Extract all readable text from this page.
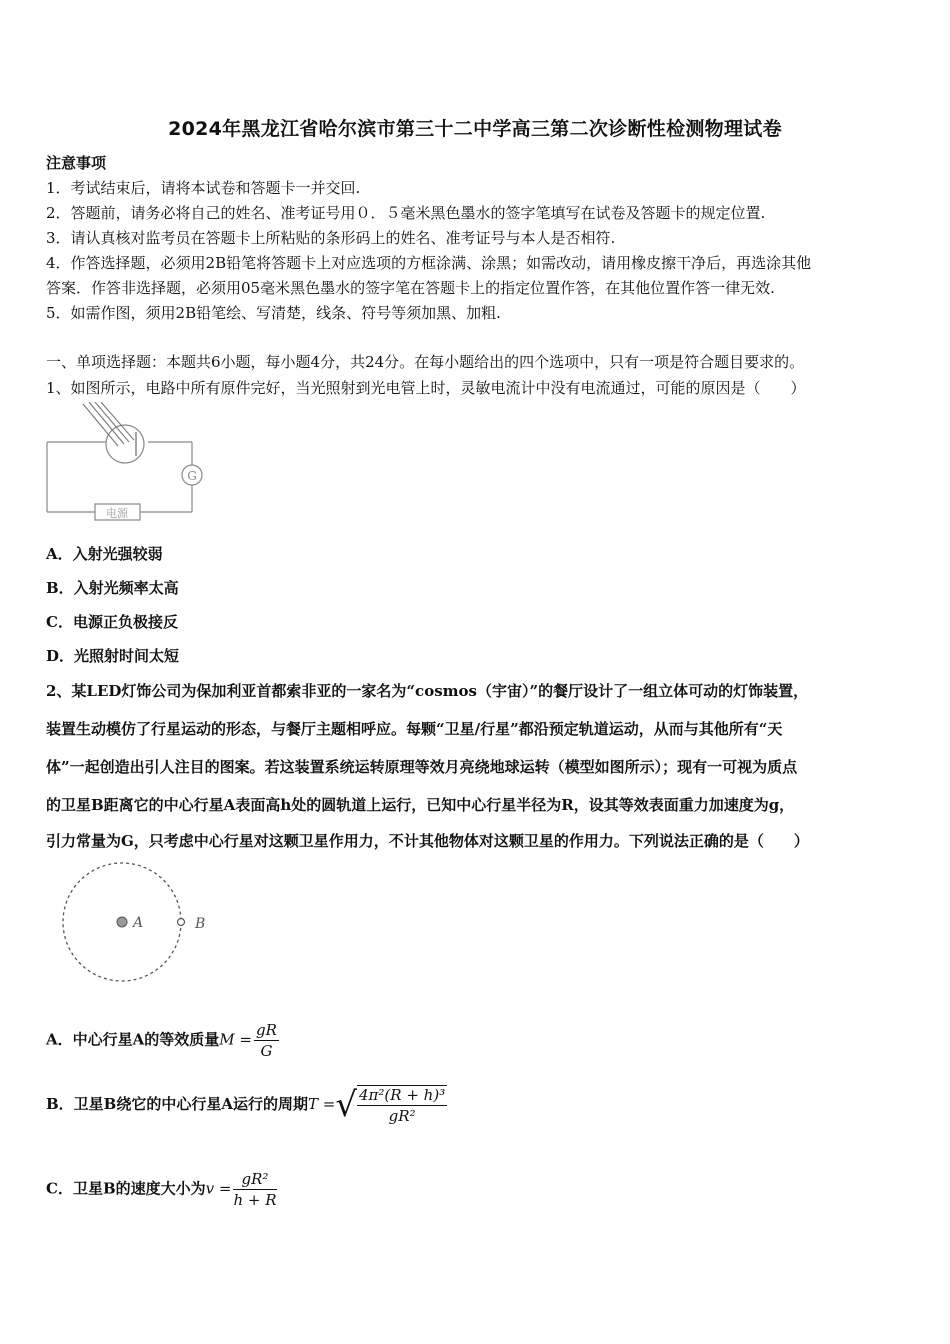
2024年黑龙江省哈尔滨市第三十二中学高三第二次诊断性检测物理试卷
注意事项
1．考试结束后，请将本试卷和答题卡一并交回.
2．答题前，请务必将自己的姓名、准考证号用０．５毫米黑色墨水的签字笔填写在试卷及答题卡的规定位置.
3．请认真核对监考员在答题卡上所粘贴的条形码上的姓名、准考证号与本人是否相符.
4．作答选择题，必须用2B铅笔将答题卡上对应选项的方框涂满、涂黑；如需改动，请用橡皮擦干净后，再选涂其他
答案．作答非选择题，必须用05毫米黑色墨水的签字笔在答题卡上的指定位置作答，在其他位置作答一律无效.
5．如需作图，须用2B铅笔绘、写清楚，线条、符号等须加黑、加粗.
一、单项选择题：本题共6小题，每小题4分，共24分。在每小题给出的四个选项中，只有一项是符合题目要求的。
1、如图所示，电路中所有原件完好，当光照射到光电管上时，灵敏电流计中没有电流通过，可能的原因是（　　）
G
电源
A．入射光强较弱
B．入射光频率太高
C．电源正负极接反
D．光照射时间太短
2、某LED灯饰公司为保加利亚首都索非亚的一家名为“cosmos（宇宙）”的餐厅设计了一组立体可动的灯饰装置，
装置生动模仿了行星运动的形态，与餐厅主题相呼应。每颗“卫星/行星”都沿预定轨道运动，从而与其他所有“天
体”一起创造出引人注目的图案。若这装置系统运转原理等效月亮绕地球运转（模型如图所示）；现有一可视为质点
的卫星B距离它的中心行星A表面高h处的圆轨道上运行，已知中心行星半径为R，设其等效表面重力加速度为g，
引力常量为G，只考虑中心行星对这颗卫星作用力，不计其他物体对这颗卫星的作用力。下列说法正确的是（　　）
A	B
A．中心行星A的等效质量$M = \frac{gR}{G}$
B．卫星B绕它的中心行星A运行的周期T =√ $\frac{\text{4π²(R + h)³}}{\text{gR²}}$
C．卫星B的速度大小为$v = \frac{\text{gR²}}{h + R}$
